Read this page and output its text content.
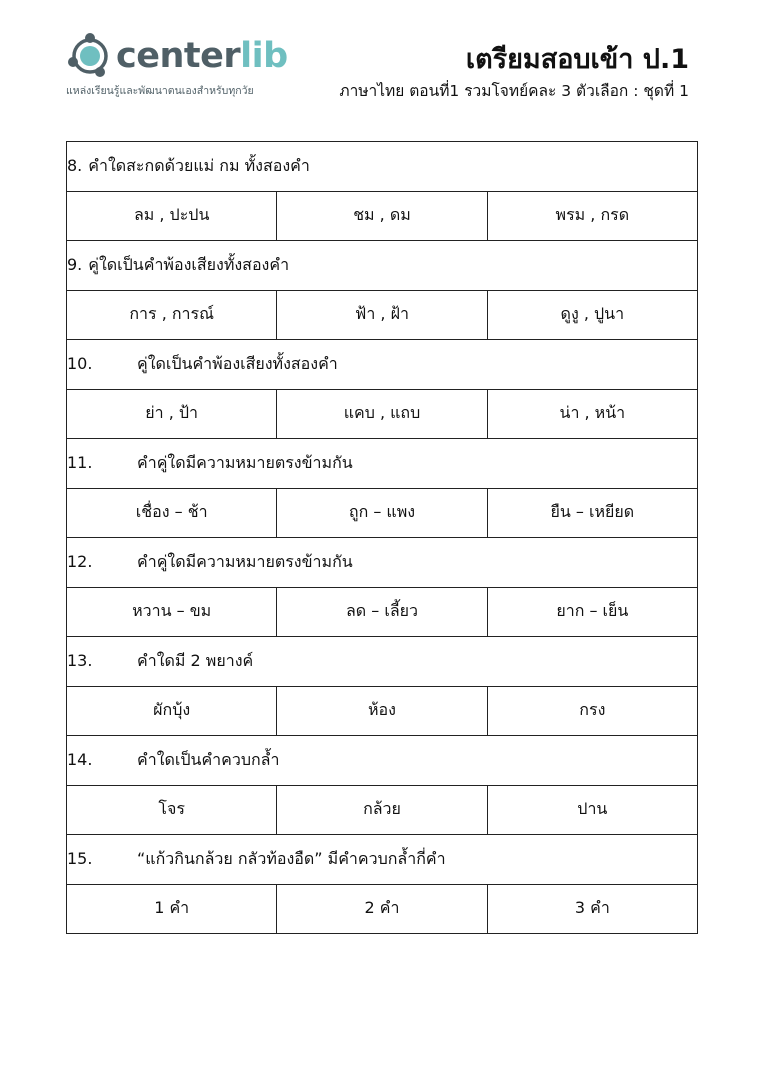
centerlib
แหล่งเรียนรู้และพัฒนาตนเองสำหรับทุกวัย
เตรียมสอบเข้า ป.1
ภาษาไทย ตอนที่1 รวมโจทย์คละ 3 ตัวเลือก : ชุดที่ 1
8. คำใดสะกดด้วยแม่ กม ทั้งสองคำ		
ลม , ปะปน	ชม , ดม	พรม , กรด
9. คู่ใดเป็นคำพ้องเสียงทั้งสองคำ		
การ , การณ์	ฟ้า , ฝ้า	ดูงู , ปูนา
10. คู่ใดเป็นคำพ้องเสียงทั้งสองคำ		
ย่า , ป้า	แคบ , แถบ	น่า , หน้า
11. คำคู่ใดมีความหมายตรงข้ามกัน		
เชื่อง – ช้า	ถูก – แพง	ยืน – เหยียด
12. คำคู่ใดมีความหมายตรงข้ามกัน		
หวาน – ขม	ลด – เลี้ยว	ยาก – เย็น
13. คำใดมี 2 พยางค์		
ผักบุ้ง	ห้อง	กรง
14. คำใดเป็นคำควบกล้ำ		
โจร	กล้วย	ปาน
15. “แก้วกินกล้วย กลัวท้องอืด” มีคำควบกล้ำกี่คำ		
1 คำ	2 คำ	3 คำ
